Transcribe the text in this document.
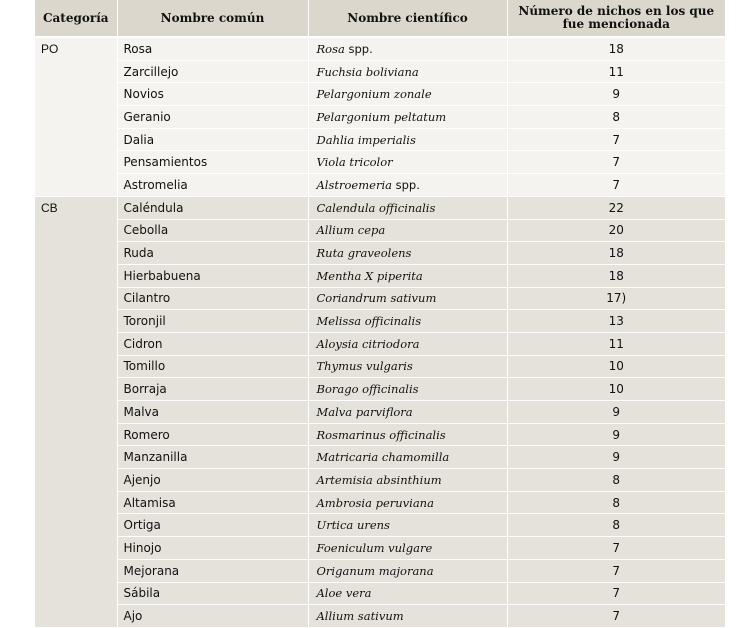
Categoría	Nombre común	Nombre científico	Número de nichos en los que fue mencionada
PO	Rosa	Rosa spp.	18
	Zarcillejo	Fuchsia boliviana	11
	Novios	Pelargonium zonale	9
	Geranio	Pelargonium peltatum	8
	Dalia	Dahlia imperialis	7
	Pensamientos	Viola tricolor	7
	Astromelia	Alstroemeria spp.	7
CB	Caléndula	Calendula officinalis	22
	Cebolla	Allium cepa	20
	Ruda	Ruta graveolens	18
	Hierbabuena	Mentha X piperita	18
	Cilantro	Coriandrum sativum	17)
	Toronjil	Melissa officinalis	13
	Cidron	Aloysia citriodora	11
	Tomillo	Thymus vulgaris	10
	Borraja	Borago officinalis	10
	Malva	Malva parviflora	9
	Romero	Rosmarinus officinalis	9
	Manzanilla	Matricaria chamomilla	9
	Ajenjo	Artemisia absinthium	8
	Altamisa	Ambrosia peruviana	8
	Ortiga	Urtica urens	8
	Hinojo	Foeniculum vulgare	7
	Mejorana	Origanum majorana	7
	Sábila	Aloe vera	7
	Ajo	Allium sativum	7
